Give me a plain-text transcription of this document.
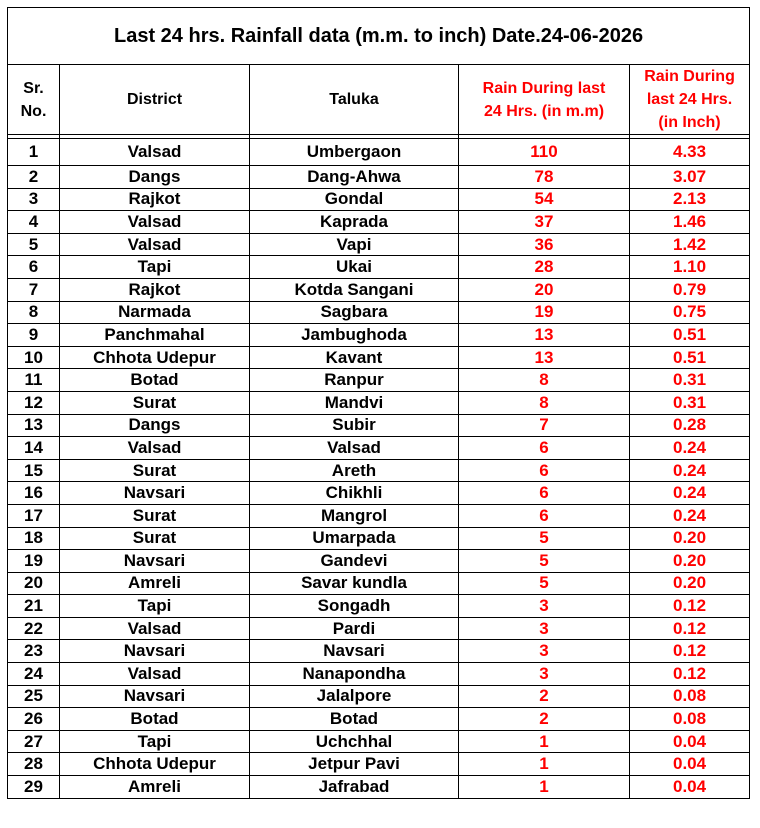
Last 24 hrs. Rainfall data (m.m. to inch) Date.24-06-2026				
Sr. No.	District	Taluka	Rain During last 24 Hrs. (in m.m)	Rain During last 24 Hrs. (in Inch)

1	Valsad	Umbergaon	110	4.33
2	Dangs	Dang-Ahwa	78	3.07
3	Rajkot	Gondal	54	2.13
4	Valsad	Kaprada	37	1.46
5	Valsad	Vapi	36	1.42
6	Tapi	Ukai	28	1.10
7	Rajkot	Kotda Sangani	20	0.79
8	Narmada	Sagbara	19	0.75
9	Panchmahal	Jambughoda	13	0.51
10	Chhota Udepur	Kavant	13	0.51
11	Botad	Ranpur	8	0.31
12	Surat	Mandvi	8	0.31
13	Dangs	Subir	7	0.28
14	Valsad	Valsad	6	0.24
15	Surat	Areth	6	0.24
16	Navsari	Chikhli	6	0.24
17	Surat	Mangrol	6	0.24
18	Surat	Umarpada	5	0.20
19	Navsari	Gandevi	5	0.20
20	Amreli	Savar kundla	5	0.20
21	Tapi	Songadh	3	0.12
22	Valsad	Pardi	3	0.12
23	Navsari	Navsari	3	0.12
24	Valsad	Nanapondha	3	0.12
25	Navsari	Jalalpore	2	0.08
26	Botad	Botad	2	0.08
27	Tapi	Uchchhal	1	0.04
28	Chhota Udepur	Jetpur Pavi	1	0.04
29	Amreli	Jafrabad	1	0.04
